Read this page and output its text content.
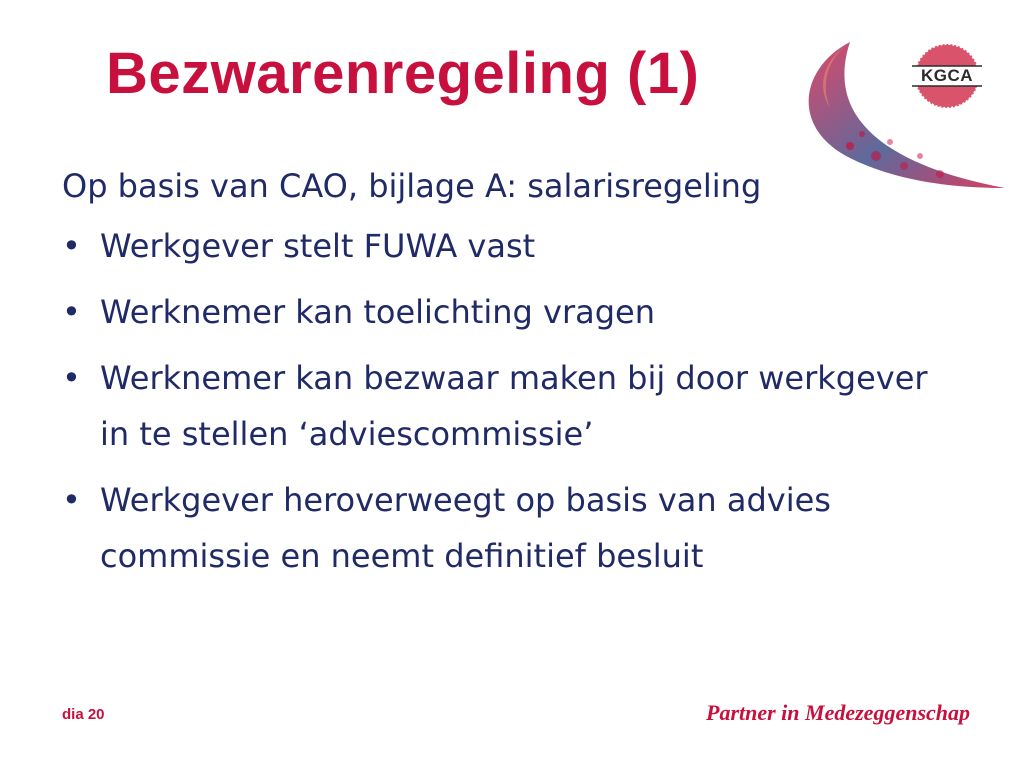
KGCA
Bezwarenregeling (1)

Op basis van CAO, bijlage A: salarisregeling

• Werkgever stelt FUWA vast
• Werknemer kan toelichting vragen
• Werknemer kan bezwaar maken bij door werkgever in te stellen ‘adviescommissie’
• Werkgever heroverweegt op basis van advies commissie en neemt definitief besluit
dia 20	Partner in Medezeggenschap
